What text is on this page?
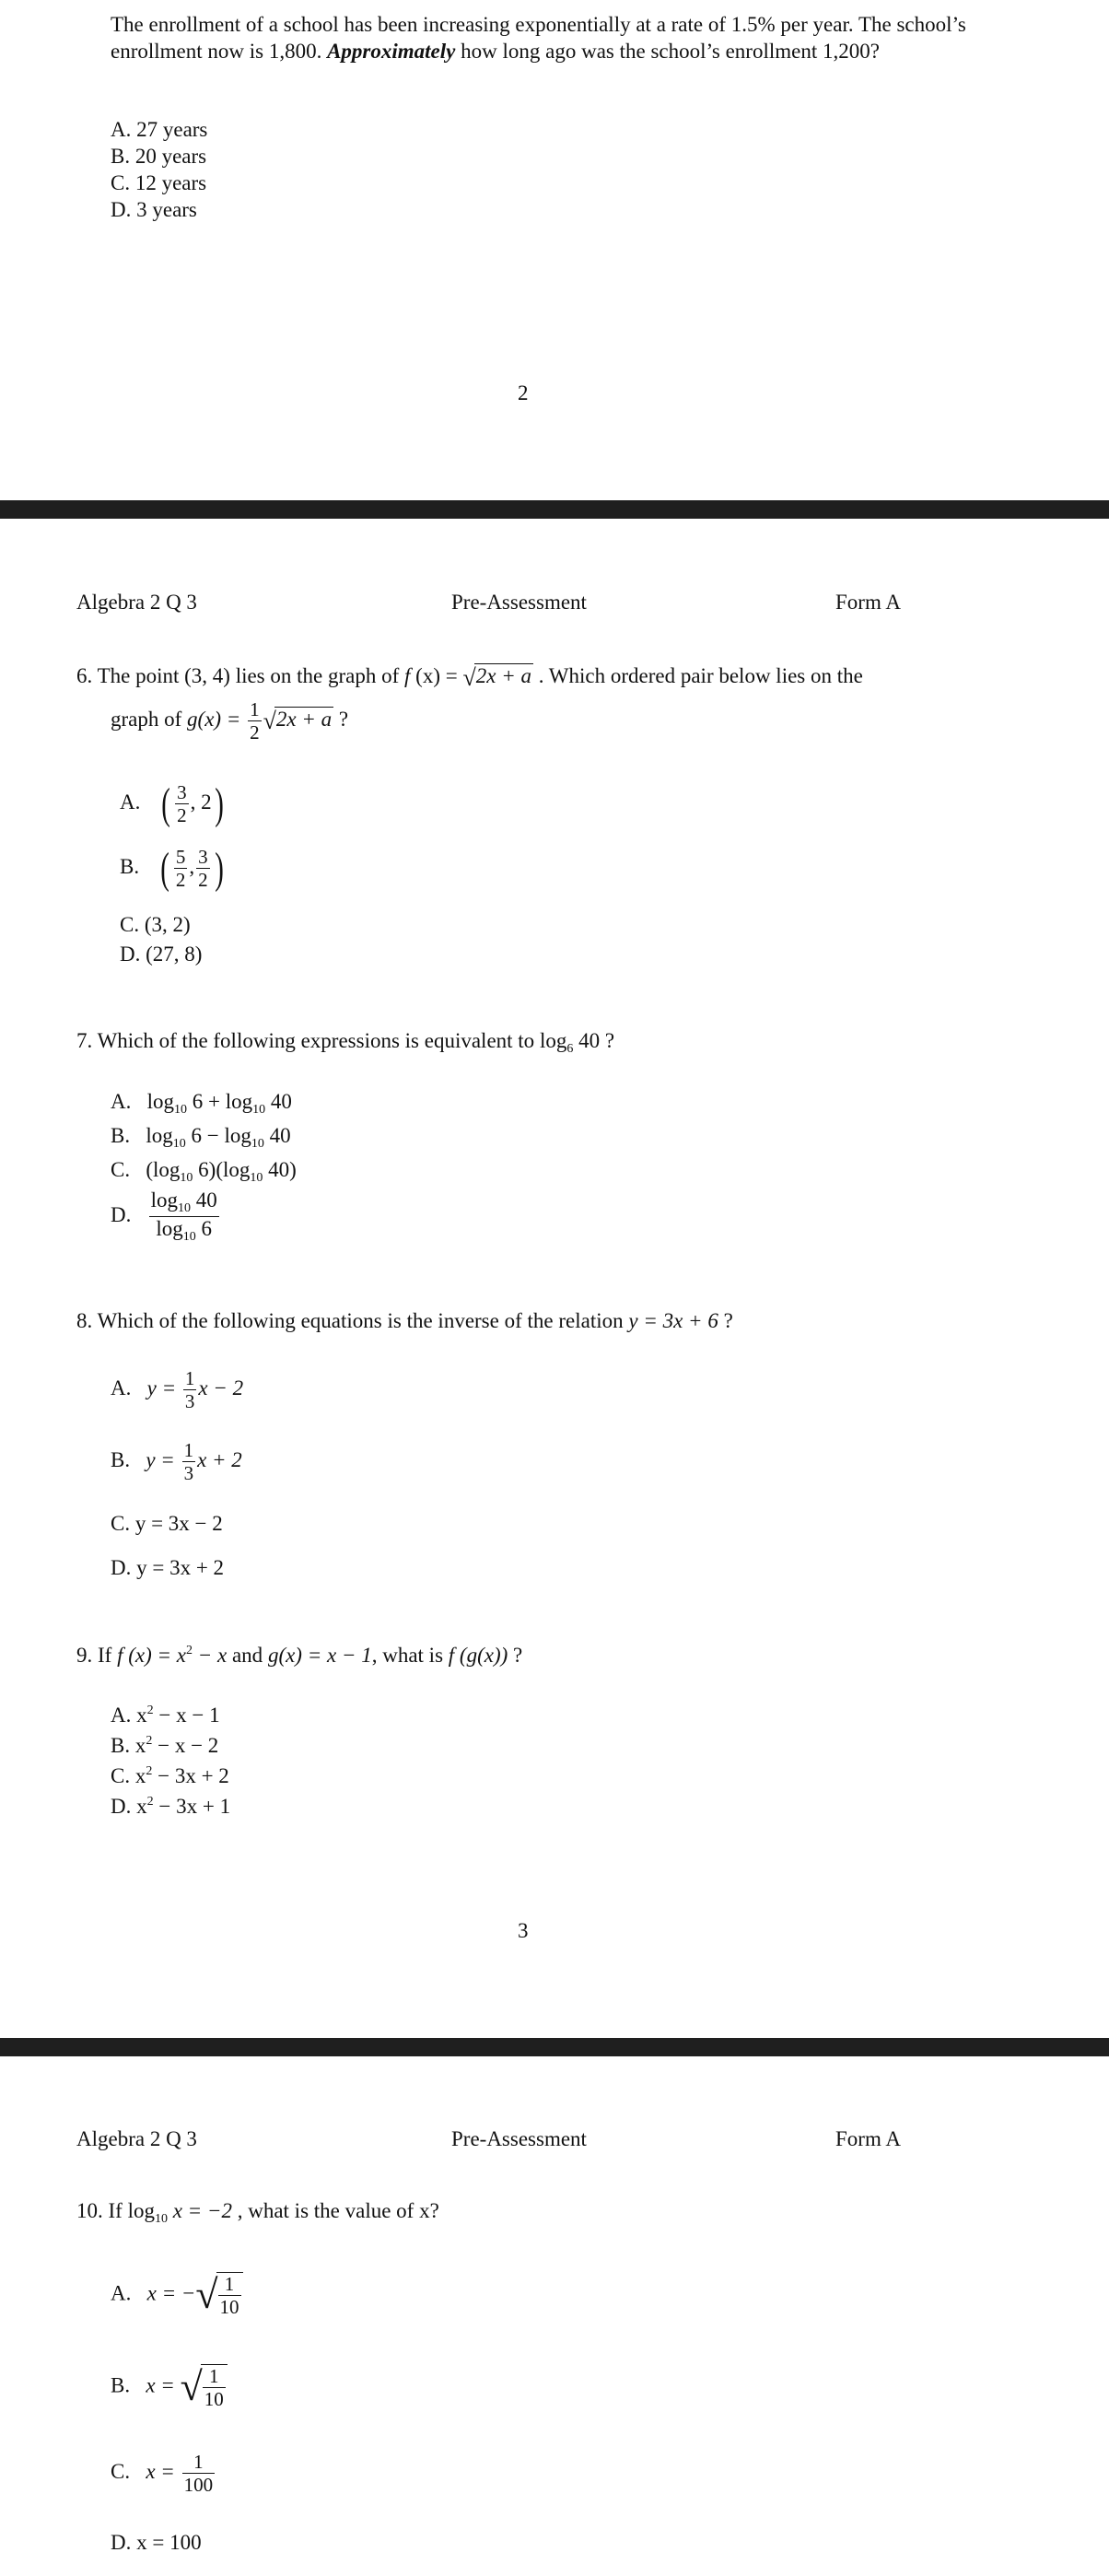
The enrollment of a school has been increasing exponentially at a rate of 1.5% per year. The school’s enrollment now is 1,800. Approximately how long ago was the school’s enrollment 1,200?
A. 27 years
B. 20 years
C. 12 years
D. 3 years
2
Algebra 2 Q 3	Pre-Assessment	Form A
6. The point (3, 4) lies on the graph of f (x) = √2x + a . Which ordered pair below lies on the
graph of $g(x) = \frac{1}{2} √2x + a$ ?
A. ( $\frac{3}{2}$ , 2)
B. ( $\frac{5}{2}$ , $\frac{3}{2}$ )
C. (3, 2)
D. (27, 8)
7. Which of the following expressions is equivalent to $\log_6 40$ ?
A. $\log_{10} 6 + \log_{10} 40$
B. $\log_{10} 6 - \log_{10} 40$
C. ($\log_{10}$ $6)(\log_{10}$ 40)
D. $\frac{\log_{10} 40}{\log_{10} 6}$
8. Which of the following equations is the inverse of the relation y = 3x + 6 ?
A. $y = \frac{1}{3}$ x − 2
B. $y = \frac{1}{3}$ x + 2
C. y = 3x − 2
D. y = 3x + 2
9. If f $(x) = x^2 - x$ and g(x) = x − 1, what is f (g(x)) ?
A. $x^2 - x - 1$
B. $x^2 - x - 2$
C. $x^2 - 3x + 2$
D. $x^2 - 3x + 1$
3
Algebra 2 Q 3	Pre-Assessment	Form A
10. If $\log_{10} x = -2$ , what is the value of x?
A. x = −√ $\frac{1}{10}$
B. x = √ $\frac{1}{10}$
C. $x = \frac{1}{100}$
D. x = 100
